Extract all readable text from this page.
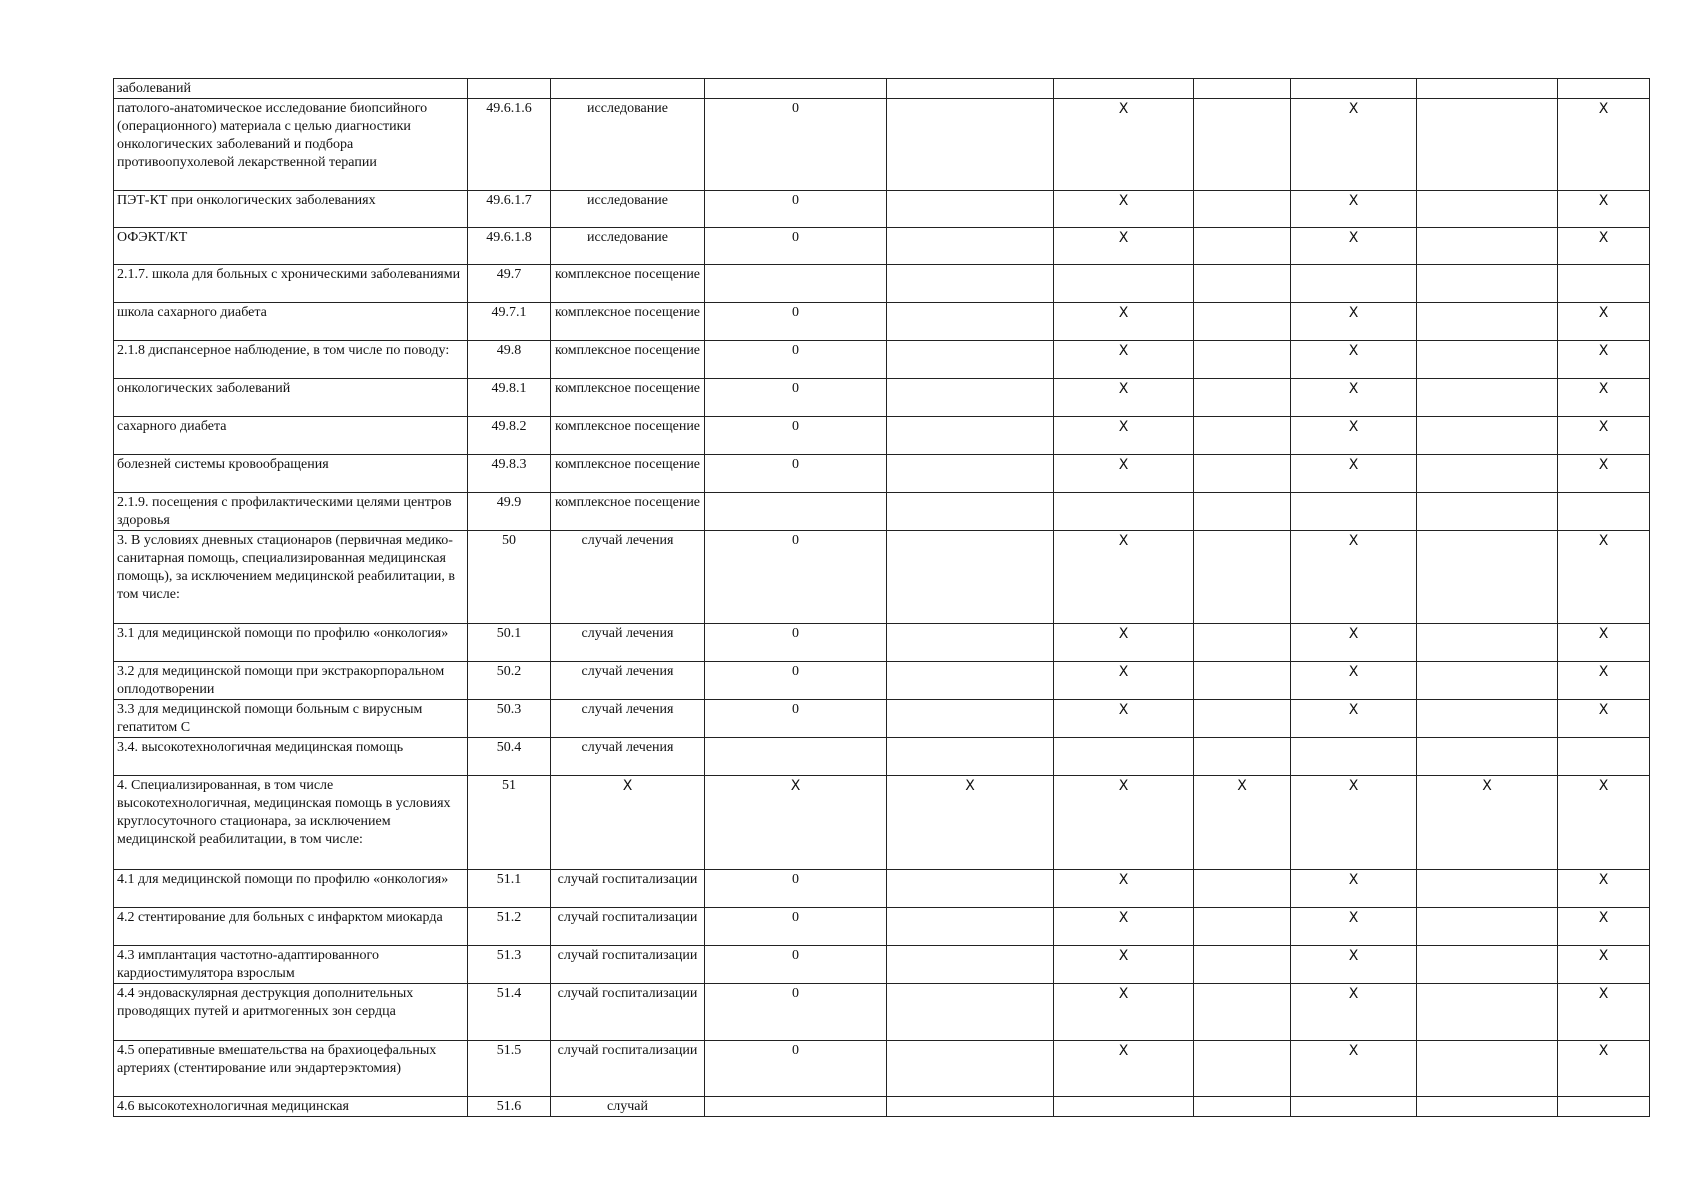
заболеваний									
патолого-анатомическое исследование биопсийного (операционного) материала с целью диагностики онкологических заболеваний и подбора противоопухолевой лекарственной терапии	49.6.1.6	исследование	0		X		X		X
ПЭТ-КТ при онкологических заболеваниях	49.6.1.7	исследование	0		X		X		X
ОФЭКТ/КТ	49.6.1.8	исследование	0		X		X		X
2.1.7. школа для больных с хроническими заболеваниями	49.7	комплексное посещение							
школа сахарного диабета	49.7.1	комплексное посещение	0		X		X		X
2.1.8 диспансерное наблюдение, в том числе по поводу:	49.8	комплексное посещение	0		X		X		X
онкологических заболеваний	49.8.1	комплексное посещение	0		X		X		X
сахарного диабета	49.8.2	комплексное посещение	0		X		X		X
болезней системы кровообращения	49.8.3	комплексное посещение	0		X		X		X
2.1.9. посещения с профилактическими целями центров здоровья	49.9	комплексное посещение							
3. В условиях дневных стационаров (первичная медико-санитарная помощь, специализированная медицинская помощь), за исключением медицинской реабилитации, в том числе:	50	случай лечения	0		X		X		X
3.1 для медицинской помощи по профилю «онкология»	50.1	случай лечения	0		X		X		X
3.2 для медицинской помощи при экстракорпоральном оплодотворении	50.2	случай лечения	0		X		X		X
3.3 для медицинской помощи больным с вирусным гепатитом С	50.3	случай лечения	0		X		X		X
3.4. высокотехнологичная медицинская помощь	50.4	случай лечения							
4. Специализированная, в том числе высокотехнологичная, медицинская помощь в условиях круглосуточного стационара, за исключением медицинской реабилитации, в том числе:	51	X	X	X	X	X	X	X	X
4.1 для медицинской помощи по профилю «онкология»	51.1	случай госпитализации	0		X		X		X
4.2 стентирование для больных с инфарктом миокарда	51.2	случай госпитализации	0		X		X		X
4.3 имплантация частотно-адаптированного кардиостимулятора взрослым	51.3	случай госпитализации	0		X		X		X
4.4 эндоваскулярная деструкция дополнительных проводящих путей и аритмогенных зон сердца	51.4	случай госпитализации	0		X		X		X
4.5 оперативные вмешательства на брахиоцефальных артериях (стентирование или эндартерэктомия)	51.5	случай госпитализации	0		X		X		X
4.6 высокотехнологичная медицинская	51.6	случай							
